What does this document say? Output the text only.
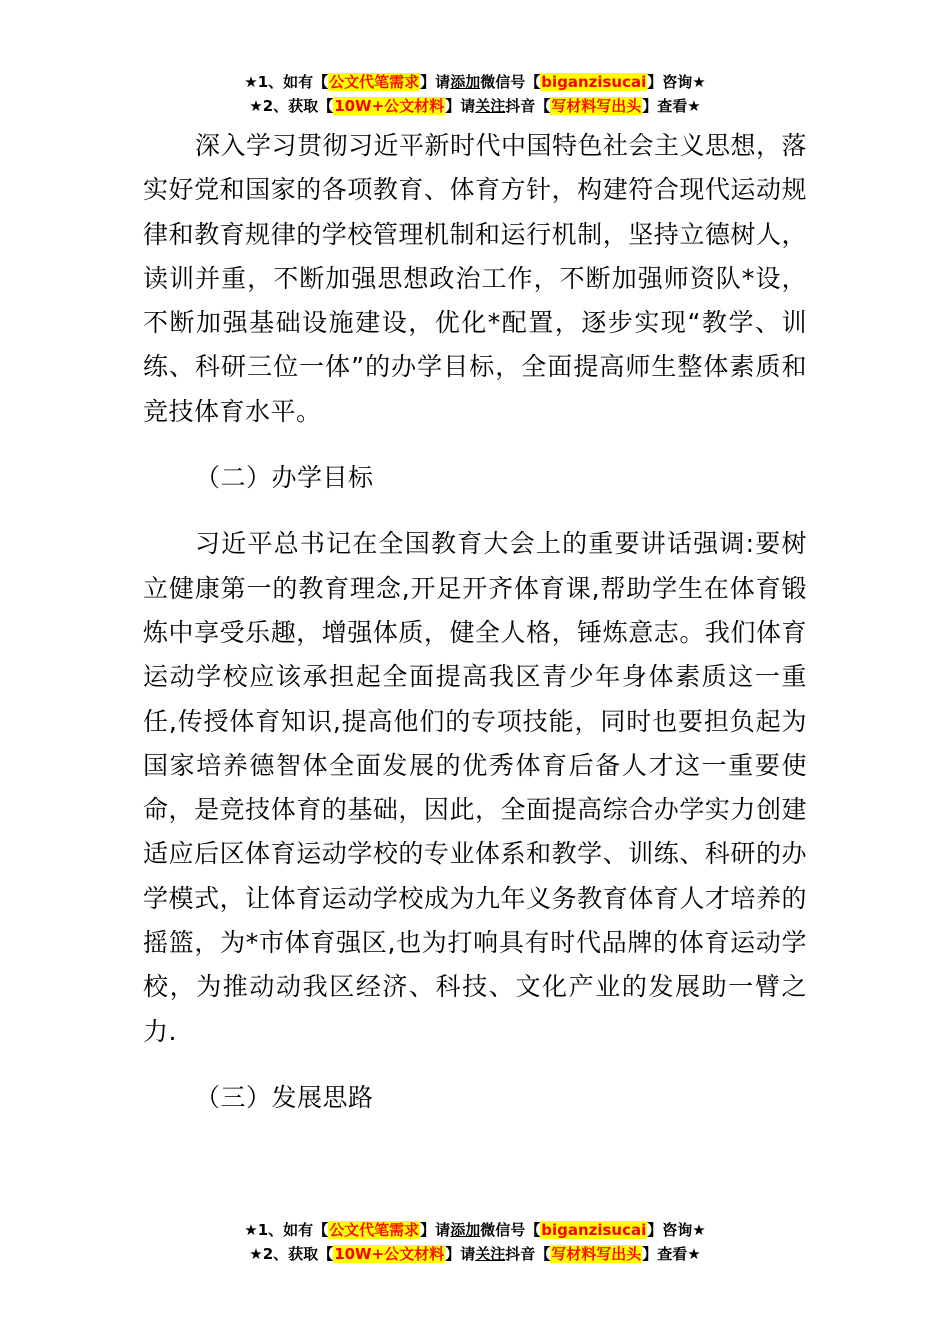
★1、如有【公文代笔需求】请添加微信号【biganzisucai】咨询★
★2、获取【10W+公文材料】请关注抖音【写材料写出头】查看★

深入学习贯彻习近平新时代中国特色社会主义思想，落实好党和国家的各项教育、体育方针，构建符合现代运动规律和教育规律的学校管理机制和运行机制，坚持立德树人，读训并重，不断加强思想政治工作，不断加强师资队*设，不断加强基础设施建设，优化*配置，逐步实现“教学、训练、科研三位一体”的办学目标，全面提高师生整体素质和竞技体育水平。

（二）办学目标

习近平总书记在全国教育大会上的重要讲话强调:要树立健康第一的教育理念,开足开齐体育课,帮助学生在体育锻炼中享受乐趣，增强体质，健全人格，锤炼意志。我们体育运动学校应该承担起全面提高我区青少年身体素质这一重任,传授体育知识,提高他们的专项技能，同时也要担负起为国家培养德智体全面发展的优秀体育后备人才这一重要使命，是竞技体育的基础，因此，全面提高综合办学实力创建适应后区体育运动学校的专业体系和教学、训练、科研的办学模式，让体育运动学校成为九年义务教育体育人才培养的摇篮，为*市体育强区,也为打响具有时代品牌的体育运动学校，为推动动我区经济、科技、文化产业的发展助一臂之力.

（三）发展思路
★1、如有【公文代笔需求】请添加微信号【biganzisucai】咨询★
★2、获取【10W+公文材料】请关注抖音【写材料写出头】查看★
